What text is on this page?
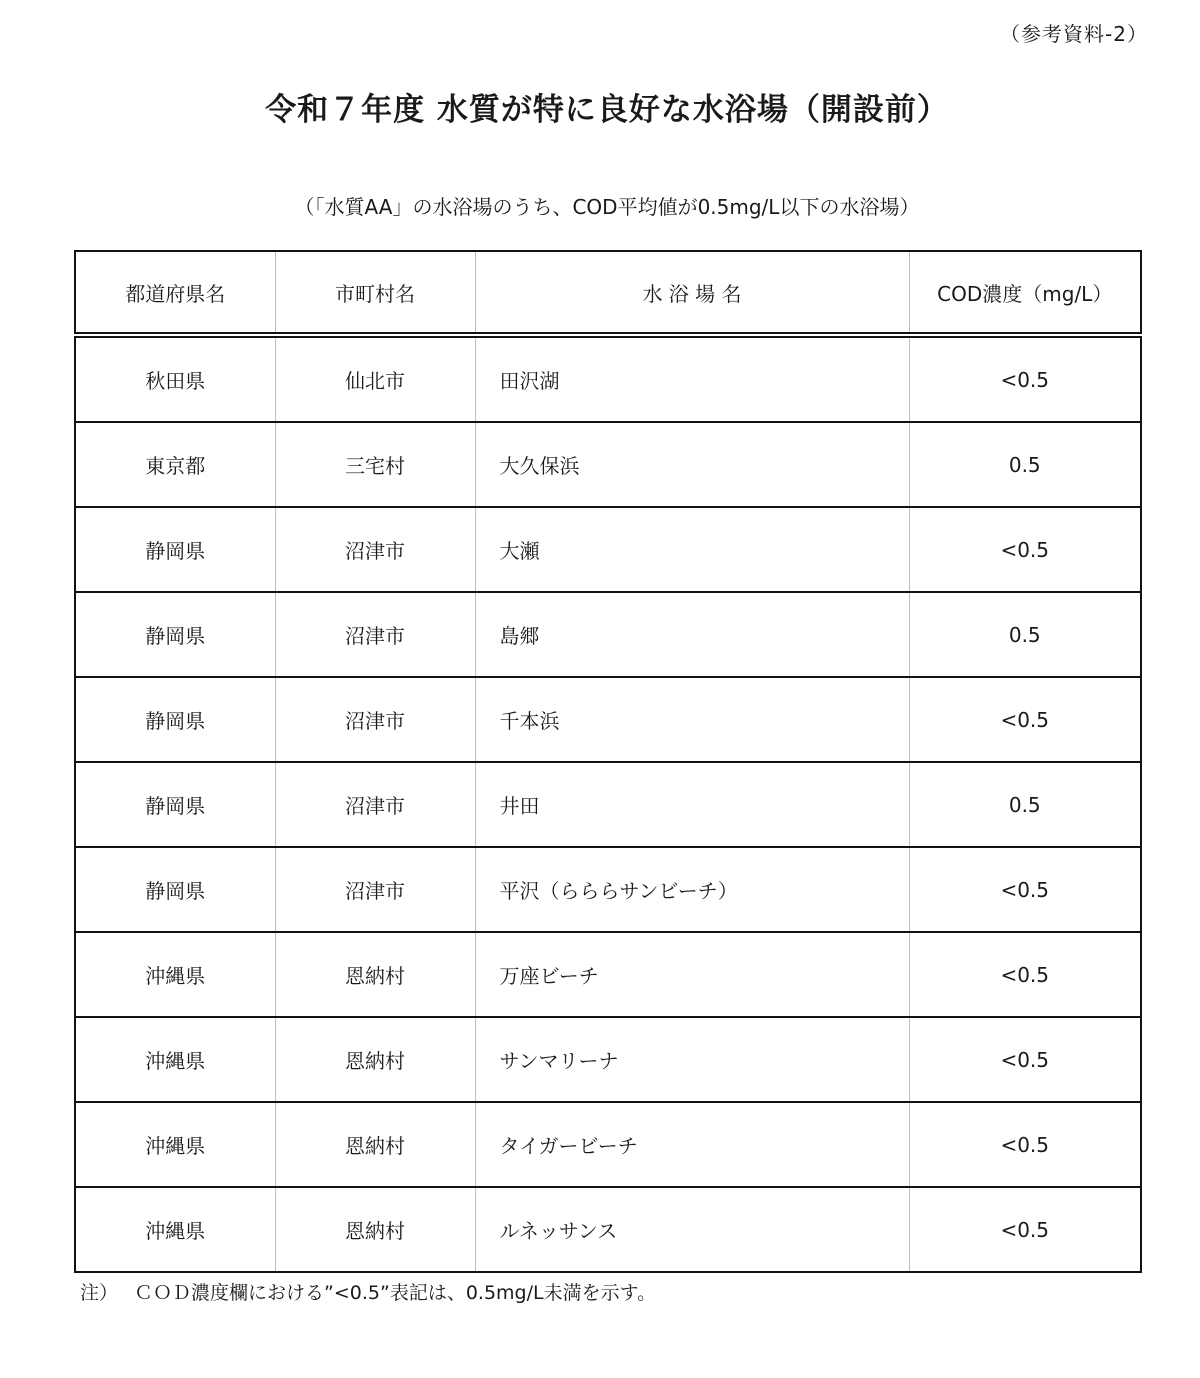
（参考資料-2）
令和７年度 水質が特に良好な水浴場（開設前）
（「水質AA」の水浴場のうち、COD平均値が0.5mg/L以下の水浴場）
都道府県名	市町村名	水 浴 場 名	COD濃度（mg/L）
秋田県	仙北市	田沢湖	<0.5
東京都	三宅村	大久保浜	0.5
静岡県	沼津市	大瀬	<0.5
静岡県	沼津市	島郷	0.5
静岡県	沼津市	千本浜	<0.5
静岡県	沼津市	井田	0.5
静岡県	沼津市	平沢（らららサンビーチ）	<0.5
沖縄県	恩納村	万座ビーチ	<0.5
沖縄県	恩納村	サンマリーナ	<0.5
沖縄県	恩納村	タイガービーチ	<0.5
沖縄県	恩納村	ルネッサンス	<0.5
注） ＣＯＤ濃度欄における”<0.5”表記は、0.5mg/L未満を示す。
